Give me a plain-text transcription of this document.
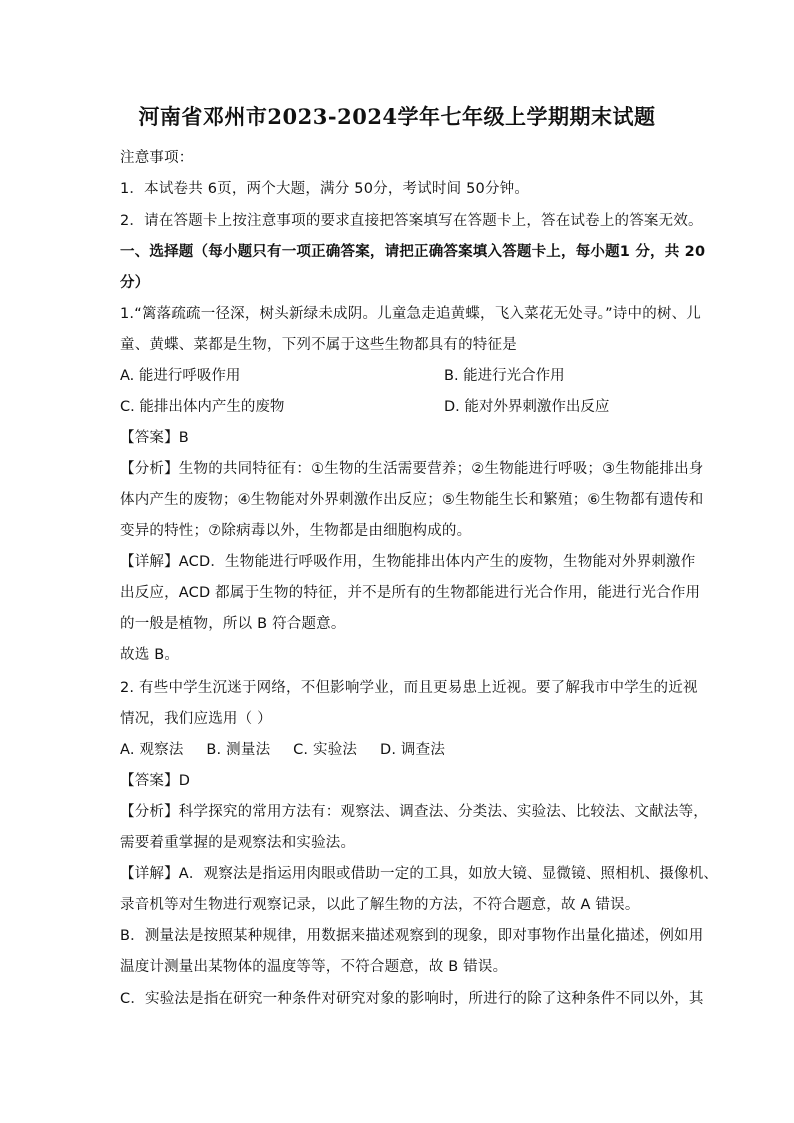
河南省邓州市2023-2024学年七年级上学期期末试题
注意事项：
1．本试卷共 6页，两个大题，满分 50分，考试时间 50分钟。
2．请在答题卡上按注意事项的要求直接把答案填写在答题卡上，答在试卷上的答案无效。
一、选择题（每小题只有一项正确答案，请把正确答案填入答题卡上，每小题1 分，共 20
分）
1.“篱落疏疏一径深，树头新绿未成阴。儿童急走追黄蝶，飞入菜花无处寻。”诗中的树、儿
童、黄蝶、菜都是生物，下列不属于这些生物都具有的特征是
A. 能进行呼吸作用	B. 能进行光合作用
C. 能排出体内产生的废物	D. 能对外界刺激作出反应
【答案】B
【分析】生物的共同特征有：①生物的生活需要营养；②生物能进行呼吸；③生物能排出身
体内产生的废物；④生物能对外界刺激作出反应；⑤生物能生长和繁殖；⑥生物都有遗传和
变异的特性；⑦除病毒以外，生物都是由细胞构成的。
【详解】ACD．生物能进行呼吸作用，生物能排出体内产生的废物，生物能对外界刺激作
出反应，ACD 都属于生物的特征，并不是所有的生物都能进行光合作用，能进行光合作用
的一般是植物，所以 B 符合题意。
故选 B。
2. 有些中学生沉迷于网络，不但影响学业，而且更易患上近视。要了解我市中学生的近视
情况，我们应选用（ ）
A. 观察法 B. 测量法 C. 实验法 D. 调查法
【答案】D
【分析】科学探究的常用方法有：观察法、调查法、分类法、实验法、比较法、文献法等，
需要着重掌握的是观察法和实验法。
【详解】A．观察法是指运用肉眼或借助一定的工具，如放大镜、显微镜、照相机、摄像机、
录音机等对生物进行观察记录，以此了解生物的方法，不符合题意，故 A 错误。
B．测量法是按照某种规律，用数据来描述观察到的现象，即对事物作出量化描述，例如用
温度计测量出某物体的温度等等，不符合题意，故 B 错误。
C．实验法是指在研究一种条件对研究对象的影响时，所进行的除了这种条件不同以外，其
